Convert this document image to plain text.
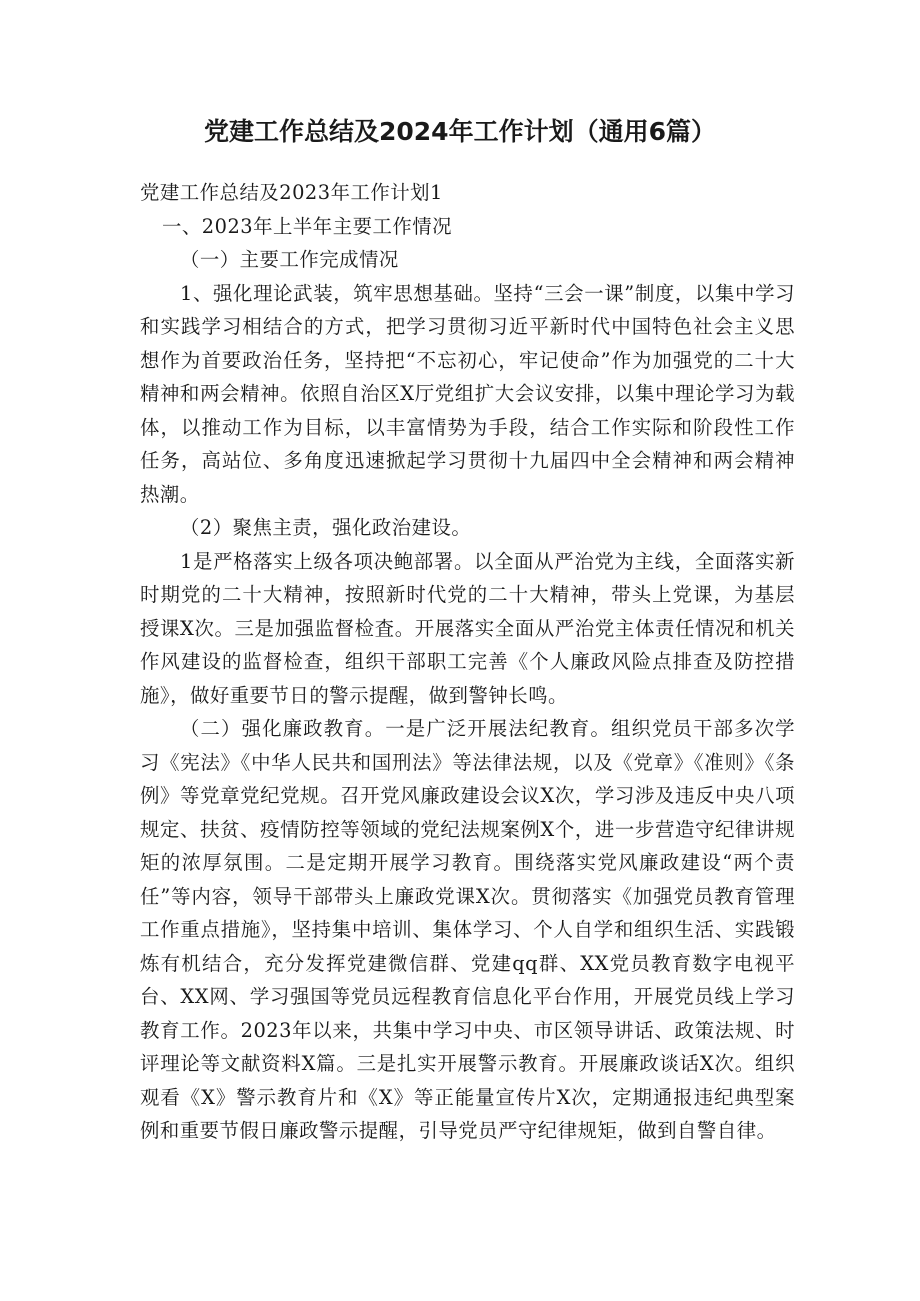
党建工作总结及2024年工作计划（通用6篇）

党建工作总结及2023年工作计划1

一、2023年上半年主要工作情况

（一）主要工作完成情况

1、强化理论武装，筑牢思想基础。坚持“三会一课”制度，以集中学习和实践学习相结合的方式，把学习贯彻习近平新时代中国特色社会主义思想作为首要政治任务，坚持把“不忘初心，牢记使命”作为加强党的二十大精神和两会精神。依照自治区X厅党组扩大会议安排，以集中理论学习为载体，以推动工作为目标，以丰富情势为手段，结合工作实际和阶段性工作任务，高站位、多角度迅速掀起学习贯彻十九届四中全会精神和两会精神热潮。

（2）聚焦主责，强化政治建设。

1是严格落实上级各项决鲍部署。以全面从严治党为主线，全面落实新时期党的二十大精神，按照新时代党的二十大精神，带头上党课，为基层授课X次。三是加强监督检査。开展落实全面从严治党主体责任情况和机关作风建设的监督检查，组织干部职工完善《个人廉政风险点排查及防控措施》，做好重要节日的警示提醒，做到警钟长鸣。

（二）强化廉政教育。一是广泛开展法纪教育。组织党员干部多次学习《宪法》《中华人民共和国刑法》等法律法规，以及《党章》《准则》《条例》等党章党纪党规。召开党风廉政建设会议X次，学习涉及违反中央八项规定、扶贫、疫情防控等领域的党纪法规案例X个，进一步营造守纪律讲规矩的浓厚氛围。二是定期开展学习教育。围绕落实党风廉政建设“两个责任”等内容，领导干部带头上廉政党课X次。贯彻落实《加强党员教育管理工作重点措施》，坚持集中培训、集体学习、个人自学和组织生活、实践锻炼有机结合，充分发挥党建微信群、党建qq群、XX党员教育数字电视平台、XX网、学习强国等党员远程教育信息化平台作用，开展党员线上学习教育工作。2023年以来，共集中学习中央、市区领导讲话、政策法规、时评理论等文献资料X篇。三是扎实开展警示教育。开展廉政谈话X次。组织观看《X》警示教育片和《X》等正能量宣传片X次，定期通报违纪典型案例和重要节假日廉政警示提醒，引导党员严守纪律规矩，做到自警自律。
